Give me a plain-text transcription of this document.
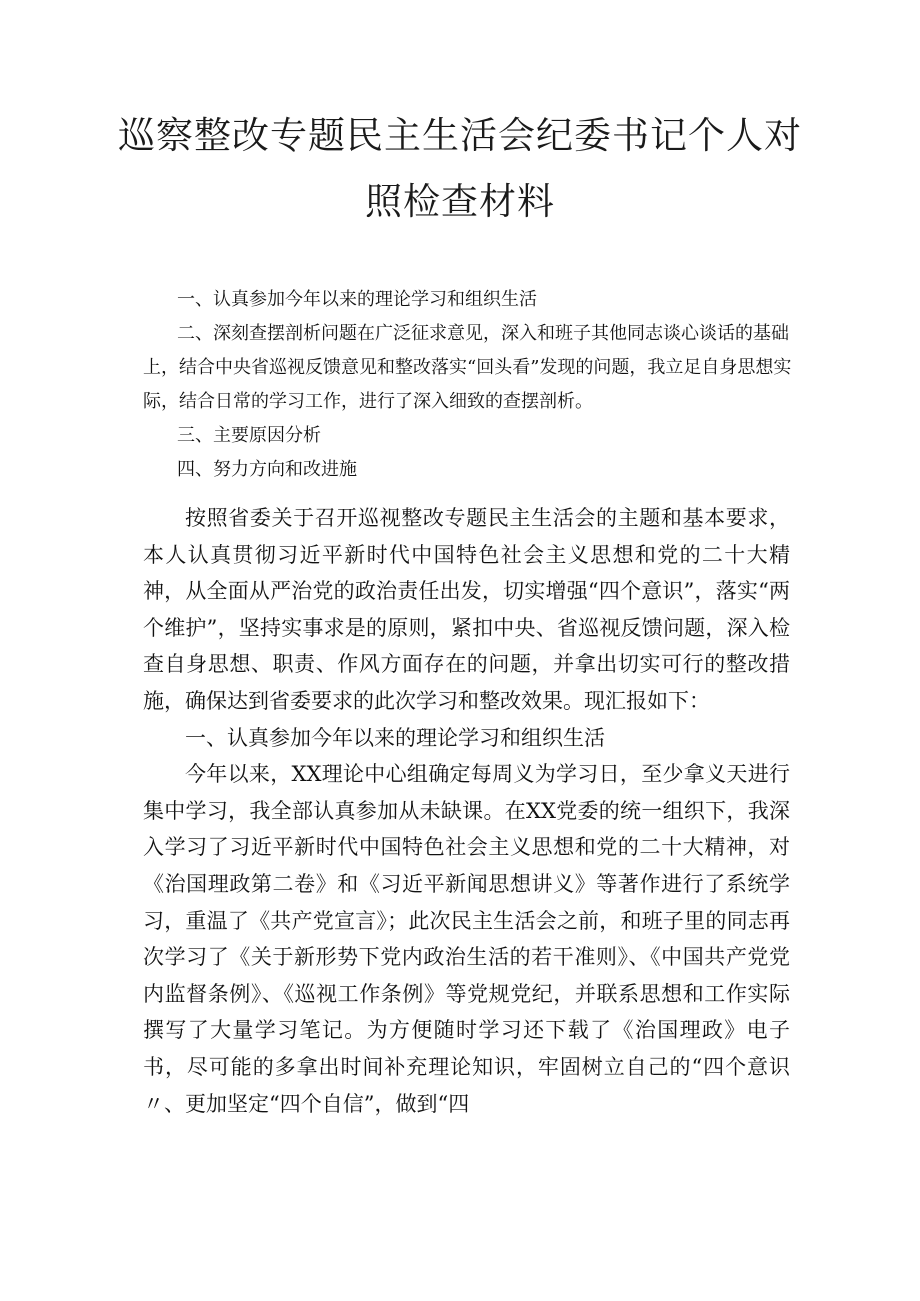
巡察整改专题民主生活会纪委书记个人对
照检查材料

一、认真参加今年以来的理论学习和组织生活

二、深刻查摆剖析问题在广泛征求意见，深入和班子其他同志谈心谈话的基础上，结合中央省巡视反馈意见和整改落实“回头看”发现的问题，我立足自身思想实际，结合日常的学习工作，进行了深入细致的查摆剖析。

三、主要原因分析

四、努力方向和改进施

按照省委关于召开巡视整改专题民主生活会的主题和基本要求，本人认真贯彻习近平新时代中国特色社会主义思想和党的二十大精神，从全面从严治党的政治责任出发，切实增强“四个意识”，落实“两个维护”，坚持实事求是的原则，紧扣中央、省巡视反馈问题，深入检查自身思想、职责、作风方面存在的问题，并拿出切实可行的整改措施，确保达到省委要求的此次学习和整改效果。现汇报如下：

一、认真参加今年以来的理论学习和组织生活

今年以来，XX理论中心组确定每周义为学习日，至少拿义天进行集中学习，我全部认真参加从未缺课。在XX党委的统一组织下，我深入学习了习近平新时代中国特色社会主义思想和党的二十大精神，对《治国理政第二卷》和《习近平新闻思想讲义》等著作进行了系统学习，重温了《共产党宣言》；此次民主生活会之前，和班子里的同志再次学习了《关于新形势下党内政治生活的若干准则》、《中国共产党党内监督条例》、《巡视工作条例》等党规党纪，并联系思想和工作实际撰写了大量学习笔记。为方便随时学习还下载了《治国理政》电子书，尽可能的多拿出时间补充理论知识，牢固树立自己的“四个意识〃、更加坚定“四个自信”，做到“四
